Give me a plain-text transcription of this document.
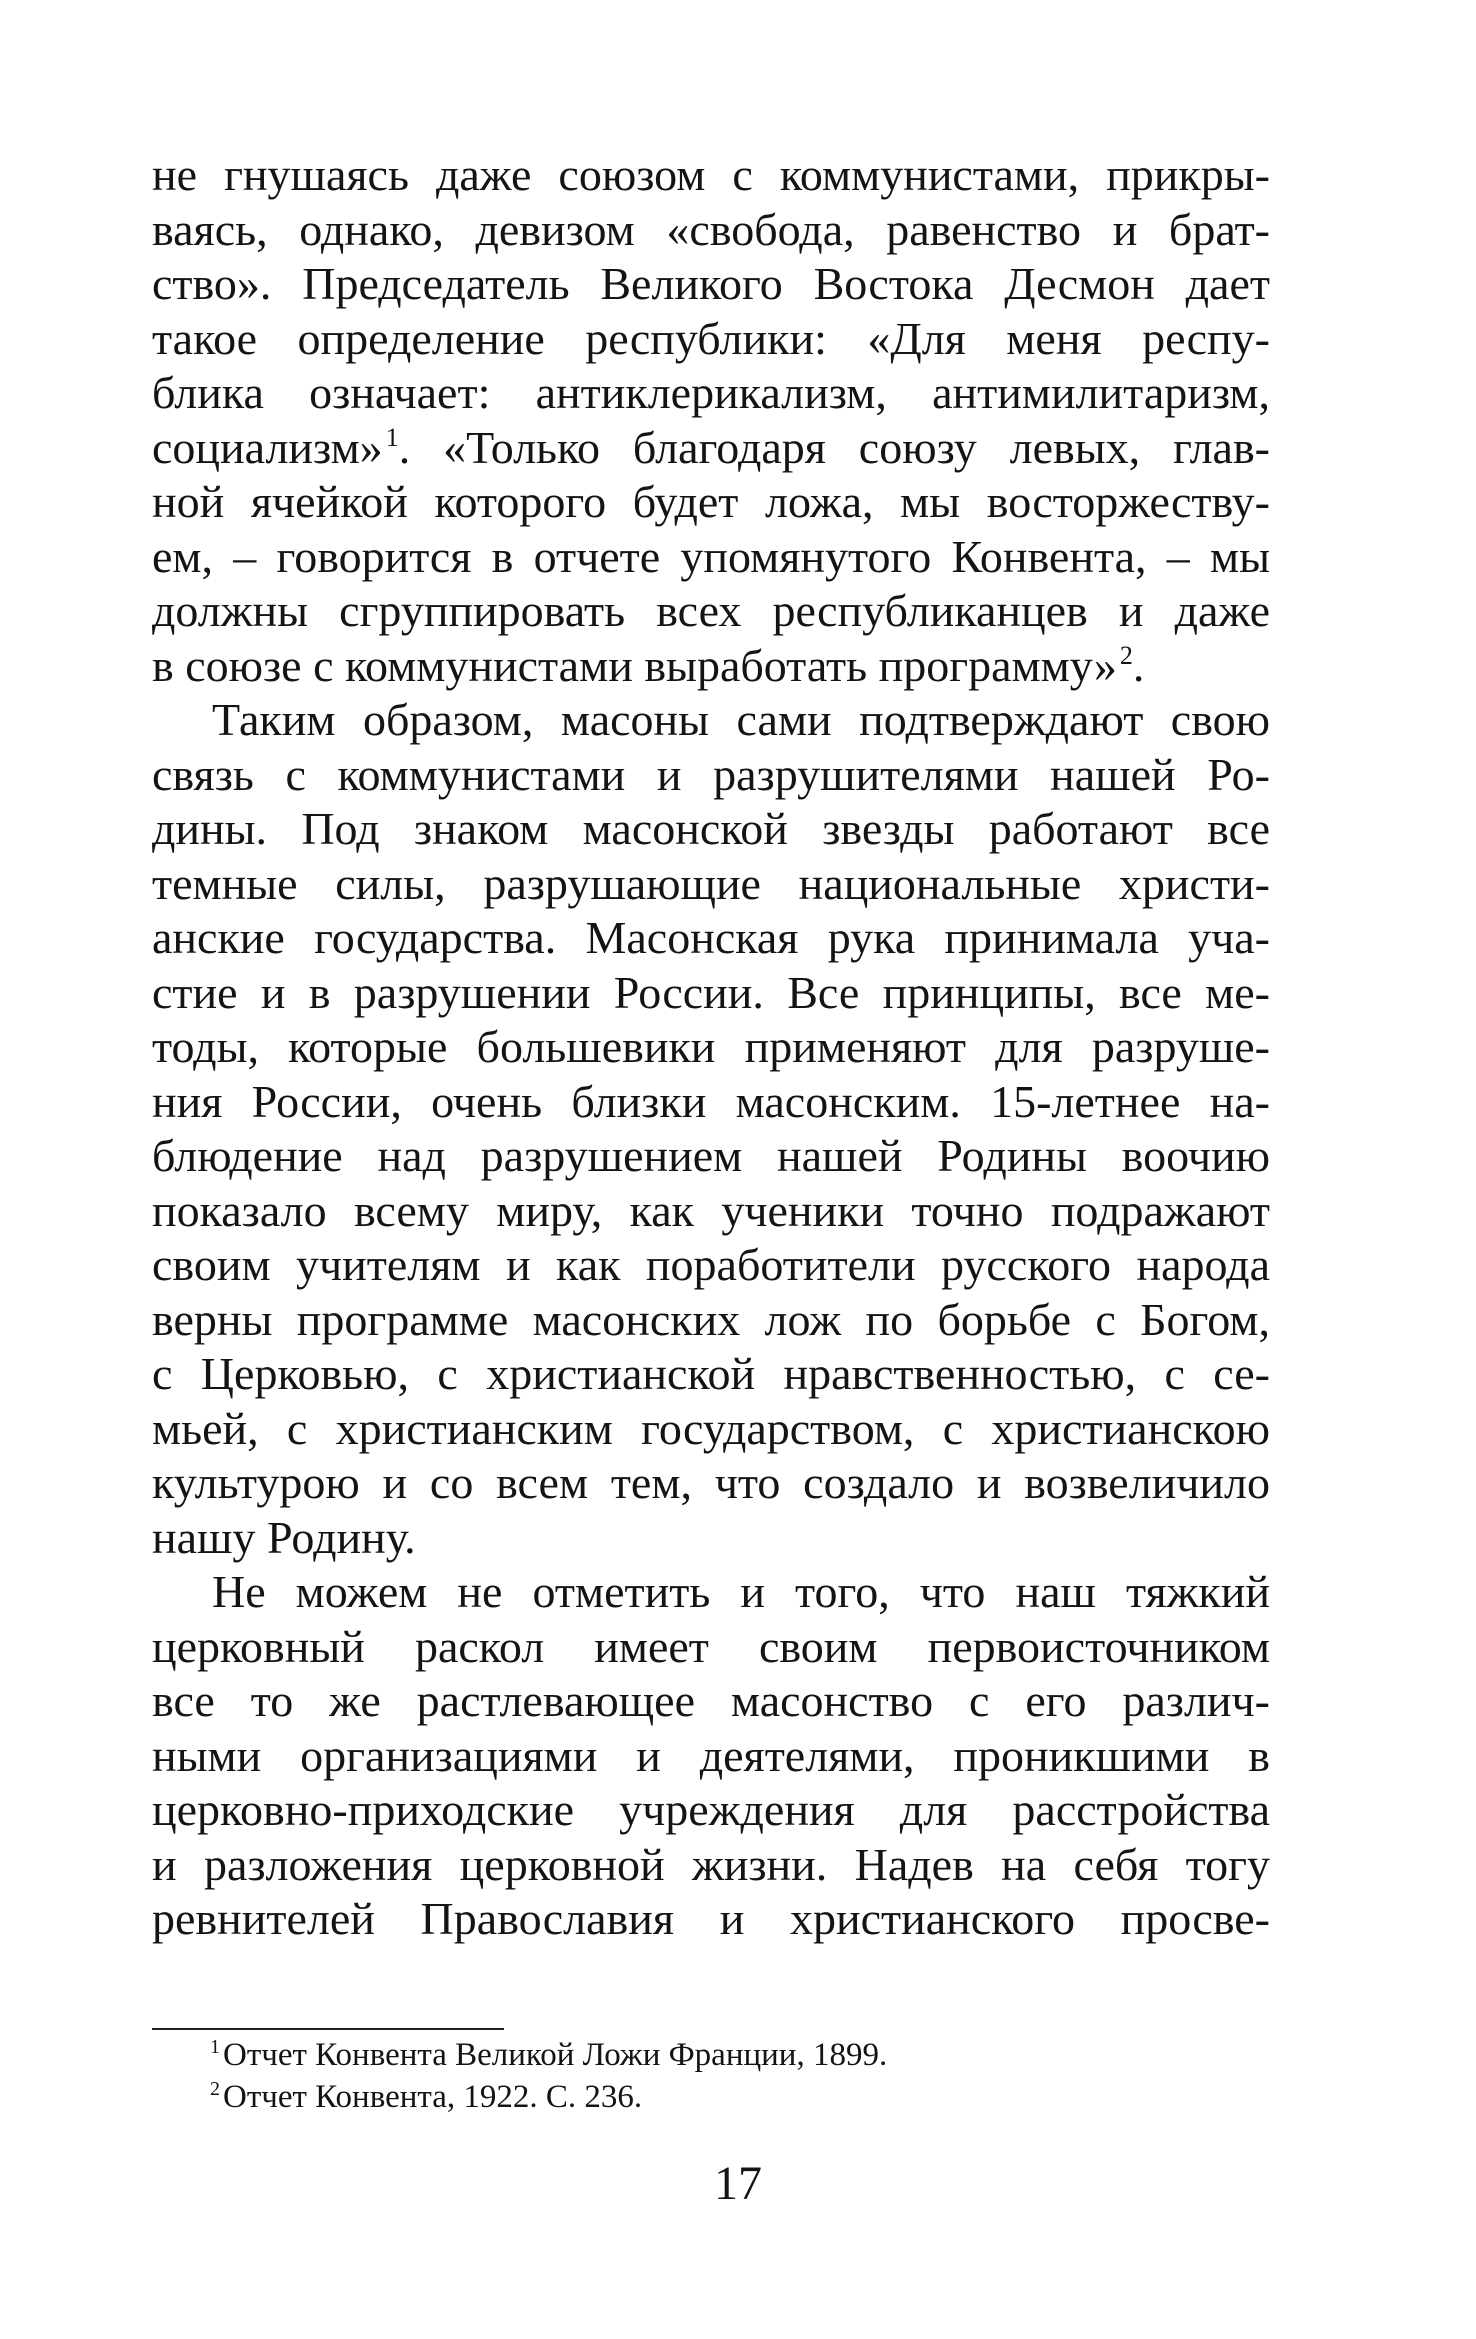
не гнушаясь даже союзом с коммунистами, прикры-
ваясь, однако, девизом «свобода, равенство и брат-
ство». Председатель Великого Востока Десмон дает
такое определение республики: «Для меня респу-
блика означает: антиклерикализм, антимилитаризм,
социализм» $^1$. «Только благодаря союзу левых, глав-
ной ячейкой которого будет ложа, мы восторжеству-
ем, – говорится в отчете упомянутого Конвента, – мы
должны сгруппировать всех республиканцев и даже
в союзе с коммунистами выработать программу» $^2$.
Таким образом, масоны сами подтверждают свою
связь с коммунистами и разрушителями нашей Ро-
дины. Под знаком масонской звезды работают все
темные силы, разрушающие национальные христи-
анские государства. Масонская рука принимала уча-
стие и в разрушении России. Все принципы, все ме-
тоды, которые большевики применяют для разруше-
ния России, очень близки масонским. 15-летнее на-
блюдение над разрушением нашей Родины воочию
показало всему миру, как ученики точно подражают
своим учителям и как поработители русского народа
верны программе масонских лож по борьбе с Богом,
с Церковью, с христианской нравственностью, с се-
мьей, с христианским государством, с христианскою
культурою и со всем тем, что создало и возвеличило
нашу Родину.
Не можем не отметить и того, что наш тяжкий
церковный раскол имеет своим первоисточником
все то же растлевающее масонство с его различ-
ными организациями и деятелями, проникшими в
церковно-приходские учреждения для расстройства
и разложения церковной жизни. Надев на себя тогу
ревнителей Православия и христианского просве-
$^1$Отчет Конвента Великой Ложи Франции, 1899.
$^2$Отчет Конвента, 1922. С. 236.
17
